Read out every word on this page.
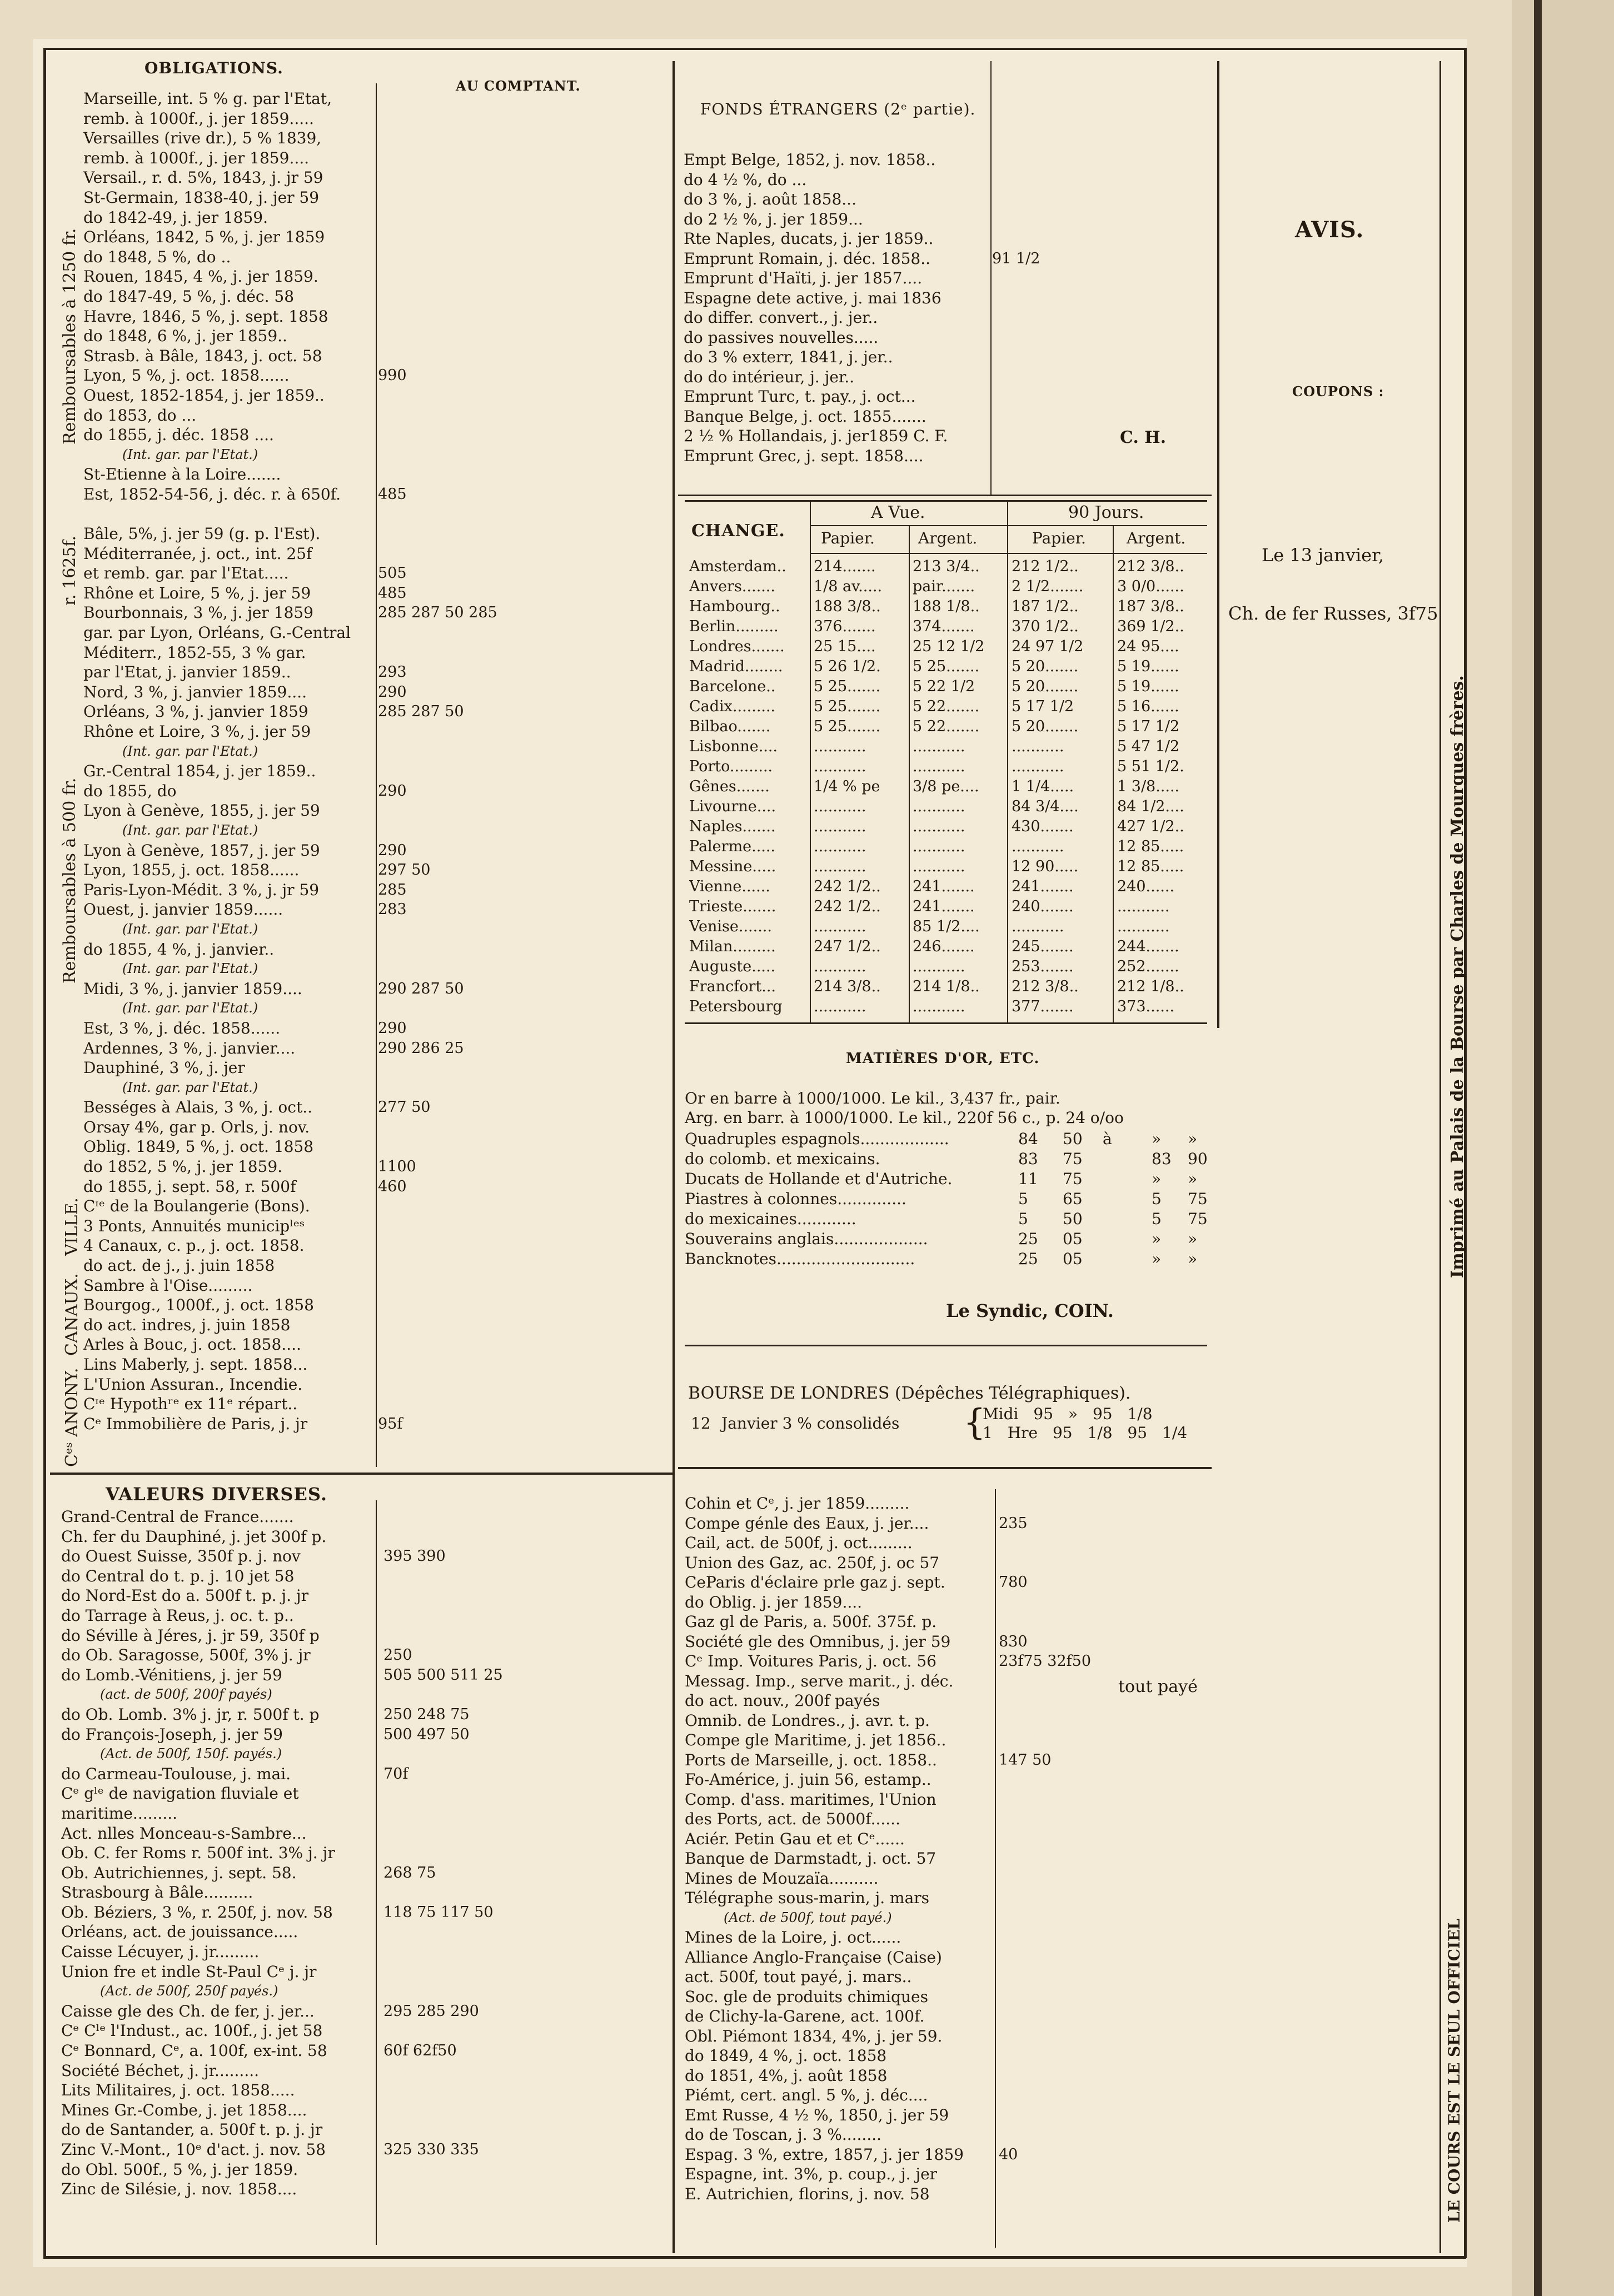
Remboursables à 1250 fr.
r. 1625f.
Remboursables à 500 fr.
VILLE.
CANAUX.
Cᵉˢ ANONY.
OBLIGATIONS.
AU COMPTANT.
Marseille, int. 5 % g. par l'Etat,
remb. à 1000f., j. jer 1859.....
Versailles (rive dr.), 5 % 1839,
remb. à 1000f., j. jer 1859....
Versail., r. d. 5%, 1843, j. jr 59
St-Germain, 1838-40, j. jer 59
do 1842-49, j. jer 1859.
Orléans, 1842, 5 %, j. jer 1859
do 1848, 5 %, do ..
Rouen, 1845, 4 %, j. jer 1859.
do 1847-49, 5 %, j. déc. 58
Havre, 1846, 5 %, j. sept. 1858
do 1848, 6 %, j. jer 1859..
Strasb. à Bâle, 1843, j. oct. 58
Lyon, 5 %, j. oct. 1858......	990
Ouest, 1852-1854, j. jer 1859..
do 1853, do ...
do 1855, j. déc. 1858 ....
(Int. gar. par l'Etat.)
St-Etienne à la Loire.......
Est, 1852-54-56, j. déc. r. à 650f.	485
Bâle, 5%, j. jer 59 (g. p. l'Est).
Méditerranée, j. oct., int. 25f
et remb. gar. par l'Etat.....	505
Rhône et Loire, 5 %, j. jer 59	485
Bourbonnais, 3 %, j. jer 1859	285 287 50 285
gar. par Lyon, Orléans, G.-Central
Méditerr., 1852-55, 3 % gar.
par l'Etat, j. janvier 1859..	293
Nord, 3 %, j. janvier 1859....	290
Orléans, 3 %, j. janvier 1859	285 287 50
Rhône et Loire, 3 %, j. jer 59
(Int. gar. par l'Etat.)
Gr.-Central 1854, j. jer 1859..
do 1855, do	290
Lyon à Genève, 1855, j. jer 59
(Int. gar. par l'Etat.)
Lyon à Genève, 1857, j. jer 59	290
Lyon, 1855, j. oct. 1858......	297 50
Paris-Lyon-Médit. 3 %, j. jr 59	285
Ouest, j. janvier 1859......	283
(Int. gar. par l'Etat.)
do 1855, 4 %, j. janvier..
(Int. gar. par l'Etat.)
Midi, 3 %, j. janvier 1859....	290 287 50
(Int. gar. par l'Etat.)
Est, 3 %, j. déc. 1858......	290
Ardennes, 3 %, j. janvier....	290 286 25
Dauphiné, 3 %, j. jer
(Int. gar. par l'Etat.)
Bességes à Alais, 3 %, j. oct..	277 50
Orsay 4%, gar p. Orls, j. nov.
Oblig. 1849, 5 %, j. oct. 1858
do 1852, 5 %, j. jer 1859.	1100
do 1855, j. sept. 58, r. 500f	460
Cᶦᵉ de la Boulangerie (Bons).
3 Ponts, Annuités municipˡᵉˢ
4 Canaux, c. p., j. oct. 1858.
do act. de j., j. juin 1858
Sambre à l'Oise.........
Bourgog., 1000f., j. oct. 1858
do act. indres, j. juin 1858
Arles à Bouc, j. oct. 1858....
Lins Maberly, j. sept. 1858...
L'Union Assuran., Incendie.
Cᶦᵉ Hypothʳᵉ ex 11ᵉ répart..
Cᵉ Immobilière de Paris, j. jr	95f
VALEURS DIVERSES.
Grand-Central de France.......
Ch. fer du Dauphiné, j. jet 300f p.
do Ouest Suisse, 350f p. j. nov	395 390
do Central do t. p. j. 10 jet 58
do Nord-Est do a. 500f t. p. j. jr
do Tarrage à Reus, j. oc. t. p..
do Séville à Jéres, j. jr 59, 350f p
do Ob. Saragosse, 500f, 3% j. jr	250
do Lomb.-Vénitiens, j. jer 59	505 500 511 25
(act. de 500f, 200f payés)
do Ob. Lomb. 3% j. jr, r. 500f t. p	250 248 75
do François-Joseph, j. jer 59	500 497 50
(Act. de 500f, 150f. payés.)
do Carmeau-Toulouse, j. mai.	70f
Cᵉ gˡᵉ de navigation fluviale et
maritime.........
Act. nlles Monceau-s-Sambre...
Ob. C. fer Roms r. 500f int. 3% j. jr
Ob. Autrichiennes, j. sept. 58.	268 75
Strasbourg à Bâle..........
Ob. Béziers, 3 %, r. 250f, j. nov. 58	118 75 117 50
Orléans, act. de jouissance.....
Caisse Lécuyer, j. jr.........
Union fre et indle St-Paul Cᵉ j. jr
(Act. de 500f, 250f payés.)
Caisse gle des Ch. de fer, j. jer...	295 285 290
Cᵉ Cˡᵉ l'Indust., ac. 100f., j. jet 58
Cᵉ Bonnard, Cᵉ, a. 100f, ex-int. 58	60f 62f50
Société Béchet, j. jr.........
Lits Militaires, j. oct. 1858.....
Mines Gr.-Combe, j. jet 1858....
do de Santander, a. 500f t. p. j. jr
Zinc V.-Mont., 10ᵉ d'act. j. nov. 58	325 330 335
do Obl. 500f., 5 %, j. jer 1859.
Zinc de Silésie, j. nov. 1858....
FONDS ÉTRANGERS (2ᵉ partie).
Empt Belge, 1852, j. nov. 1858..
do 4 ½ %, do ...
do 3 %, j. août 1858...
do 2 ½ %, j. jer 1859...
Rte Naples, ducats, j. jer 1859..
Emprunt Romain, j. déc. 1858..	91 1/2
Emprunt d'Haïti, j. jer 1857....
Espagne dete active, j. mai 1836
do differ. convert., j. jer..
do passives nouvelles.....
do 3 % exterr, 1841, j. jer..
do do intérieur, j. jer..
Emprunt Turc, t. pay., j. oct...
Banque Belge, j. oct. 1855.......
2 ½ % Hollandais, j. jer1859 C. F.
Emprunt Grec, j. sept. 1858....
C. H.
AVIS.
COUPONS :
Le 13 janvier,
Ch. de fer Russes, 3f75
Imprimé au Palais de la Bourse par Charles de Mourgues frères.
LE COURS EST LE SEUL OFFICIEL
CHANGE.
A Vue.	90 Jours.
Papier.	Argent.	Papier.	Argent.
Amsterdam..	214.......	213 3/4..	212 1/2..	212 3/8..
Anvers.......	1/8 av.....	pair.......	2 1/2.......	3 0/0......
Hambourg..	188 3/8..	188 1/8..	187 1/2..	187 3/8..
Berlin.........	376.......	374.......	370 1/2..	369 1/2..
Londres.......	25 15....	25 12 1/2	24 97 1/2	24 95....
Madrid........	5 26 1/2.	5 25.......	5 20.......	5 19......
Barcelone..	5 25.......	5 22 1/2	5 20.......	5 19......
Cadix.........	5 25.......	5 22.......	5 17 1/2	5 16......
Bilbao.......	5 25.......	5 22.......	5 20.......	5 17 1/2
Lisbonne....	...........	...........	...........	5 47 1/2
Porto.........	...........	...........	...........	5 51 1/2.
Gênes.......	1/4 % pe	3/8 pe....	1 1/4.....	1 3/8.....
Livourne....	...........	...........	84 3/4....	84 1/2....
Naples.......	...........	...........	430.......	427 1/2..
Palerme.....	...........	...........	...........	12 85.....
Messine.....	...........	...........	12 90.....	12 85.....
Vienne......	242 1/2..	241.......	241.......	240......
Trieste.......	242 1/2..	241.......	240.......	...........
Venise.......	...........	85 1/2....	...........	...........
Milan.........	247 1/2..	246.......	245.......	244.......
Auguste.....	...........	...........	253.......	252.......
Francfort...	214 3/8..	214 1/8..	212 3/8..	212 1/8..
Petersbourg	...........	...........	377.......	373......
MATIÈRES D'OR, ETC.
Or en barre à 1000/1000. Le kil., 3,437 fr., pair.
Arg. en barr. à 1000/1000. Le kil., 220f 56 c., p. 24 o/oo
Quadruples espagnols..................	84 50 à	» »
do colomb. et mexicains.	83 75	83 90
Ducats de Hollande et d'Autriche.	11 75	» »
Piastres à colonnes..............	5 65	5 75
do mexicaines............	5 50	5 75
Souverains anglais...................	25 05	» »
Bancknotes............................	25 05	» »
Le Syndic, COIN.
BOURSE DE LONDRES (Dépêches Télégraphiques).
12 Janvier 3 % consolidés {
Midi 95 » 95 1/8
1 Hre 95 1/8 95 1/4
Cohin et Cᵉ, j. jer 1859.........
Compe génle des Eaux, j. jer....	235
Cail, act. de 500f, j. oct.........
Union des Gaz, ac. 250f, j. oc 57
CeParis d'éclaire prle gaz j. sept.	780
do Oblig. j. jer 1859....
Gaz gl de Paris, a. 500f. 375f. p.
Société gle des Omnibus, j. jer 59	830
Cᵉ Imp. Voitures Paris, j. oct. 56	23f75 32f50
Messag. Imp., serve marit., j. déc.
do act. nouv., 200f payés
Omnib. de Londres., j. avr. t. p.
Compe gle Maritime, j. jet 1856..
Ports de Marseille, j. oct. 1858..	147 50
Fo-Américe, j. juin 56, estamp..
Comp. d'ass. maritimes, l'Union
des Ports, act. de 5000f......
Aciér. Petin Gau et et Cᵉ......
Banque de Darmstadt, j. oct. 57
Mines de Mouzaïa..........
Télégraphe sous-marin, j. mars
(Act. de 500f, tout payé.)
Mines de la Loire, j. oct......
Alliance Anglo-Française (Caise)
act. 500f, tout payé, j. mars..
Soc. gle de produits chimiques
de Clichy-la-Garene, act. 100f.
Obl. Piémont 1834, 4%, j. jer 59.
do 1849, 4 %, j. oct. 1858
do 1851, 4%, j. août 1858
Piémt, cert. angl. 5 %, j. déc....
Emt Russe, 4 ½ %, 1850, j. jer 59
do de Toscan, j. 3 %........
Espag. 3 %, extre, 1857, j. jer 1859	40
Espagne, int. 3%, p. coup., j. jer
E. Autrichien, florins, j. nov. 58
tout payé
